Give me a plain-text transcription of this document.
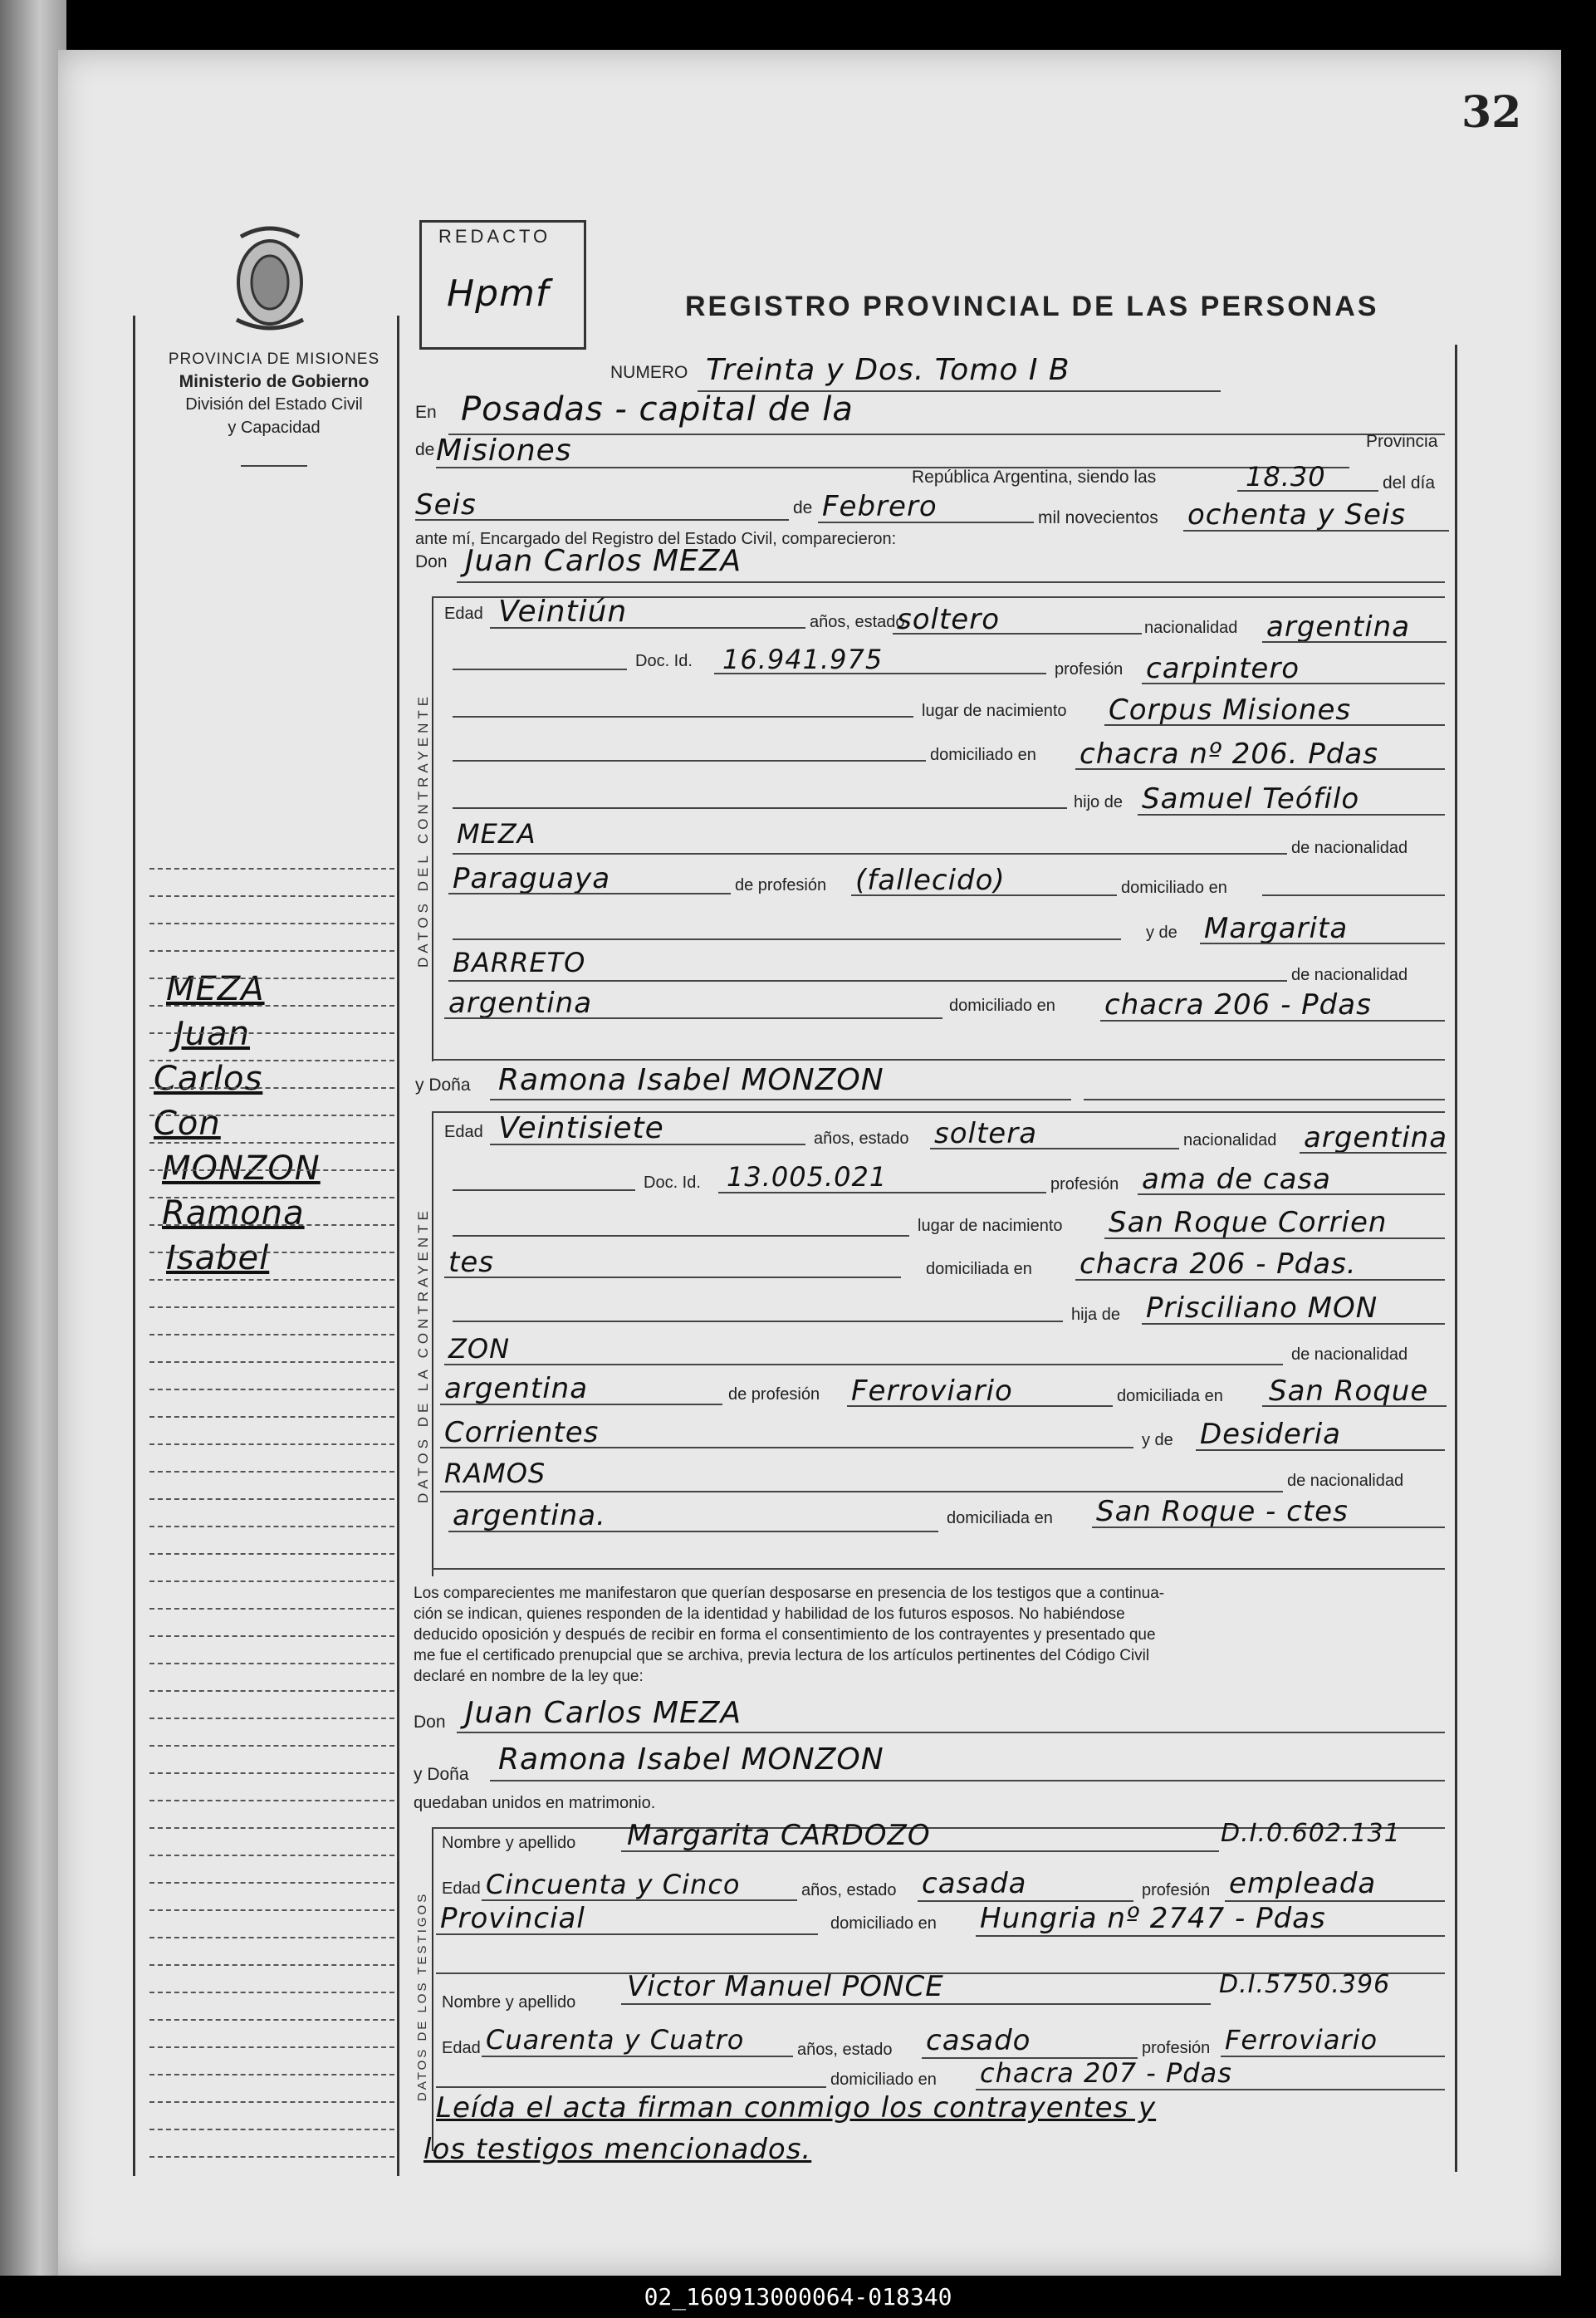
32
PROVINCIA DE MISIONES
Ministerio de Gobierno
División del Estado Civil
y Capacidad
REDACTO
Hpmf	REGISTRO PROVINCIAL DE LAS PERSONAS
MEZA
Juan
Carlos
Con
MONZON
Ramona
Isabel
NUMERO Treinta y Dos. Tomo I B
En Posadas - capital de la
de Misiones	Provincia
República Argentina, siendo las	18.30	del día
Seis	de Febrero	mil novecientos ochenta y Seis
ante mí, Encargado del Registro del Estado Civil, comparecieron:
Don Juan Carlos MEZA
DATOS DEL CONTRAYENTE
Edad Veintiún	años, estado
soltero	nacionalidad argentina
Doc. Id. 16.941.975	profesión carpintero
lugar de nacimiento Corpus Misiones
domiciliado en chacra nº 206. Pdas
hijo de Samuel Teófilo
MEZA	de nacionalidad
Paraguaya	de profesión (fallecido)	domiciliado en
y de Margarita
BARRETO	de nacionalidad
argentina	domiciliado en chacra 206 - Pdas
y Doña Ramona Isabel MONZON
DATOS DE LA CONTRAYENTE
Edad Veintisiete	años, estado soltera	nacionalidad argentina
Doc. Id. 13.005.021	profesión ama de casa
lugar de nacimiento San Roque Corrien
tes	domiciliada en chacra 206 - Pdas.
hija de Prisciliano MON
ZON	de nacionalidad
argentina	de profesión Ferroviario	domiciliada en San Roque
Corrientes	y de Desideria
RAMOS	de nacionalidad
argentina.	domiciliada en San Roque - ctes
Los comparecientes me manifestaron que querían desposarse en presencia de los testigos que a continua-
ción se indican, quienes responden de la identidad y habilidad de los futuros esposos. No habiéndose
deducido oposición y después de recibir en forma el consentimiento de los contrayentes y presentado que
me fue el certificado prenupcial que se archiva, previa lectura de los artículos pertinentes del Código Civil
declaré en nombre de la ley que:
Don Juan Carlos MEZA
y Doña Ramona Isabel MONZON
quedaban unidos en matrimonio.
DATOS DE LOS TESTIGOS
Nombre y apellido Margarita CARDOZO	D.I.0.602.131
Edad Cincuenta y Cinco	años, estado casada	profesión empleada
Provincial	domiciliado en Hungria nº 2747 - Pdas
Nombre y apellido Victor Manuel PONCE	D.I.5750.396
Edad Cuarenta y Cuatro	años, estado casado	profesión Ferroviario
domiciliado en chacra 207 - Pdas
Leída el acta firman conmigo los contrayentes y
los testigos mencionados.
02_160913000064-018340
